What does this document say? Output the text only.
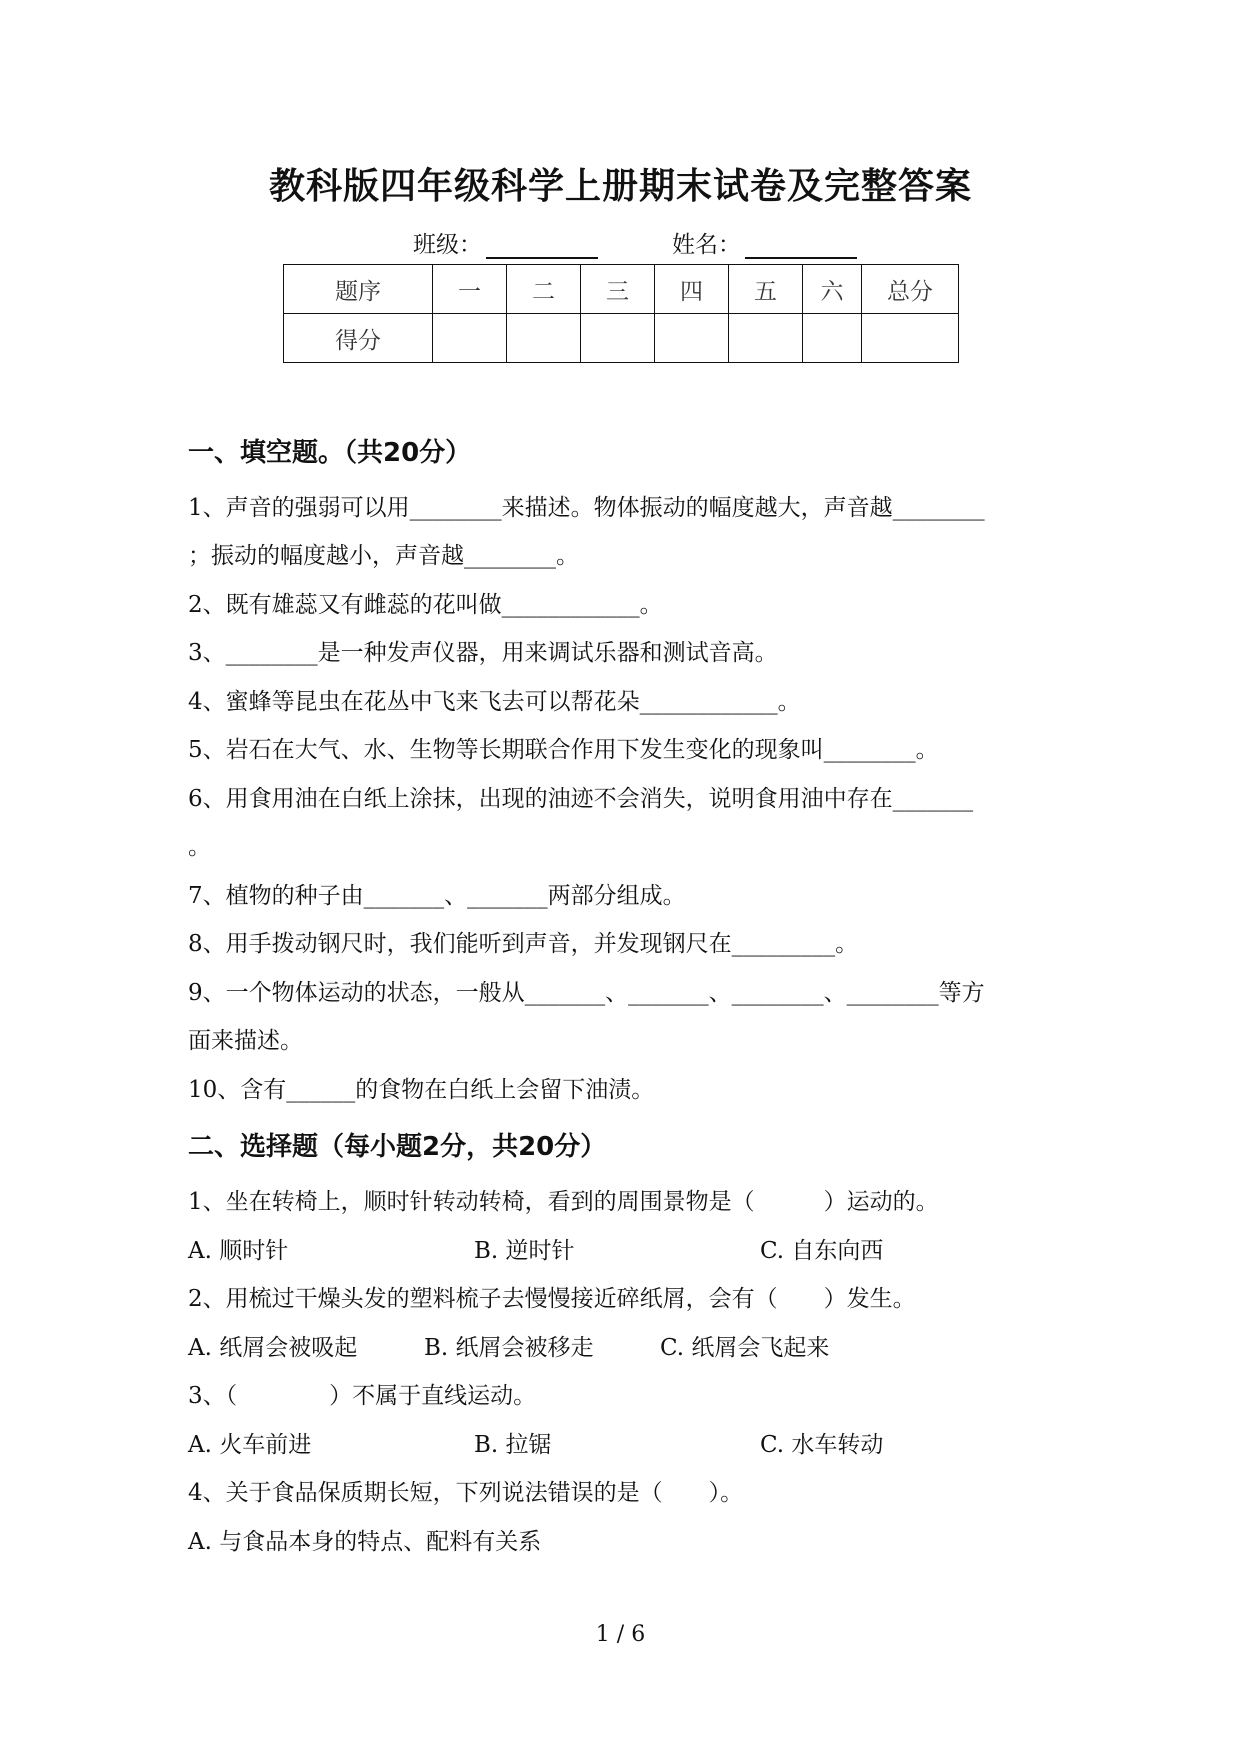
教科版四年级科学上册期末试卷及完整答案
班级：	姓名：
题序	一	二	三	四	五	六	总分
得分							
一、填空题。（共20分）
1、声音的强弱可以用________来描述。物体振动的幅度越大，声音越________
；振动的幅度越小，声音越________。
2、既有雄蕊又有雌蕊的花叫做____________。
3、________是一种发声仪器，用来调试乐器和测试音高。
4、蜜蜂等昆虫在花丛中飞来飞去可以帮花朵____________。
5、岩石在大气、水、生物等长期联合作用下发生变化的现象叫________。
6、用食用油在白纸上涂抹，出现的油迹不会消失，说明食用油中存在_______
。
7、植物的种子由_______、_______两部分组成。
8、用手拨动钢尺时，我们能听到声音，并发现钢尺在_________。
9、一个物体运动的状态，一般从_______、_______、________、________等方
面来描述。
10、含有______的食物在白纸上会留下油渍。
二、选择题（每小题2分，共20分）
1、坐在转椅上，顺时针转动转椅，看到的周围景物是（　　　）运动的。
A. 顺时针	B. 逆时针	C. 自东向西
2、用梳过干燥头发的塑料梳子去慢慢接近碎纸屑，会有（　　）发生。
A. 纸屑会被吸起	B. 纸屑会被移走	C. 纸屑会飞起来
3、（　　　　）不属于直线运动。
A. 火车前进	B. 拉锯	C. 水车转动
4、关于食品保质期长短，下列说法错误的是（　　）。
A. 与食品本身的特点、配料有关系
1 / 6
